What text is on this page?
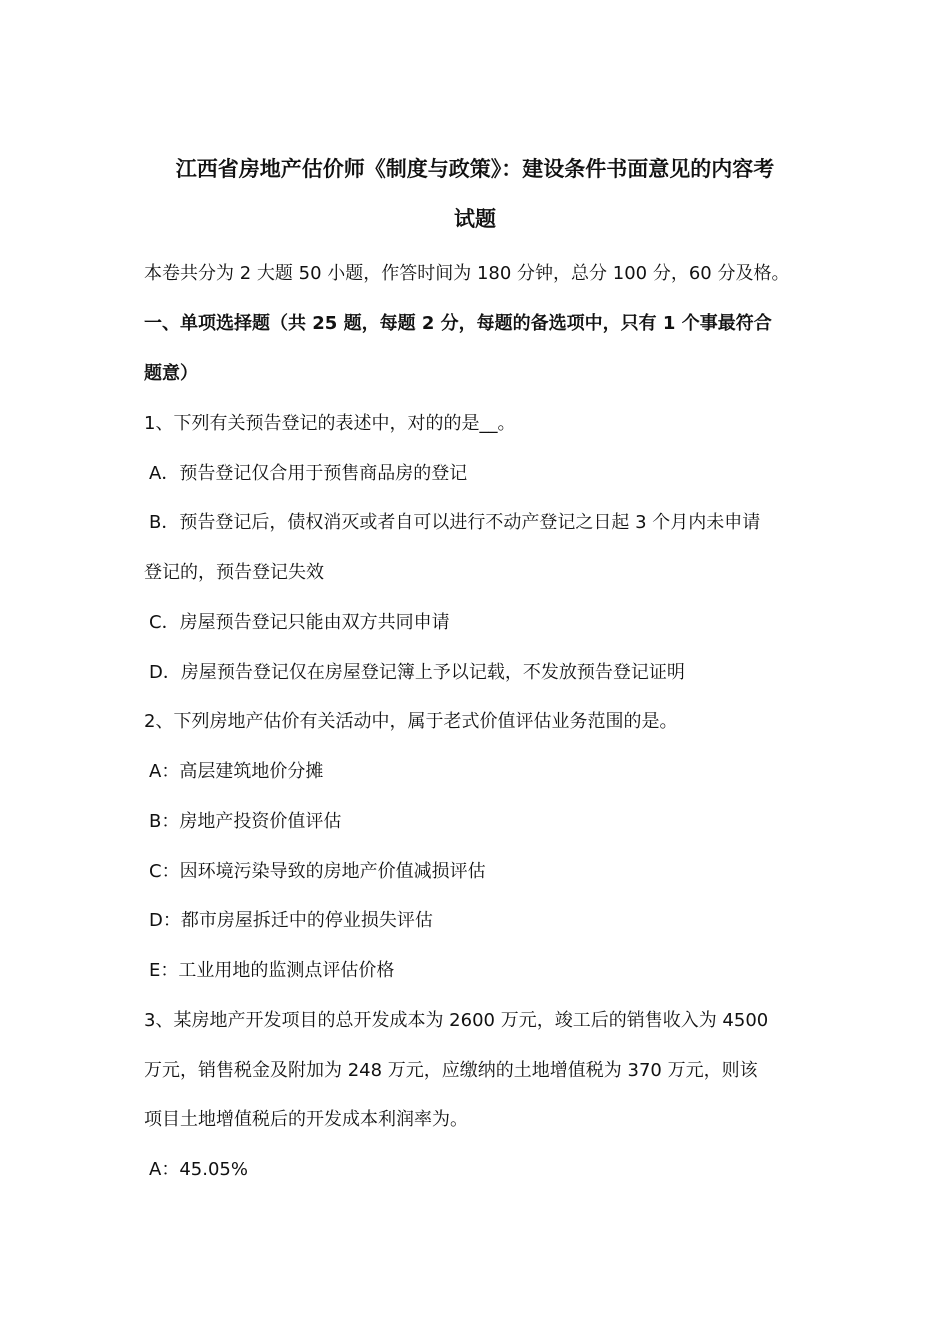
江西省房地产估价师《制度与政策》：建设条件书面意见的内容考
试题
本卷共分为 2 大题 50 小题，作答时间为 180 分钟，总分 100 分，60 分及格。
一、单项选择题（共 25 题，每题 2 分，每题的备选项中，只有 1 个事最符合
题意）
1、下列有关预告登记的表述中，对的的是__。
A．预告登记仅合用于预售商品房的登记
B．预告登记后，债权消灭或者自可以进行不动产登记之日起 3 个月内未申请
登记的，预告登记失效
C．房屋预告登记只能由双方共同申请
D．房屋预告登记仅在房屋登记簿上予以记载，不发放预告登记证明
2、下列房地产估价有关活动中，属于老式价值评估业务范围的是。
A：高层建筑地价分摊
B：房地产投资价值评估
C：因环境污染导致的房地产价值减损评估
D：都市房屋拆迁中的停业损失评估
E：工业用地的监测点评估价格
3、某房地产开发项目的总开发成本为 2600 万元，竣工后的销售收入为 4500
万元，销售税金及附加为 248 万元，应缴纳的土地增值税为 370 万元，则该
项目土地增值税后的开发成本利润率为。
A：45.05%
